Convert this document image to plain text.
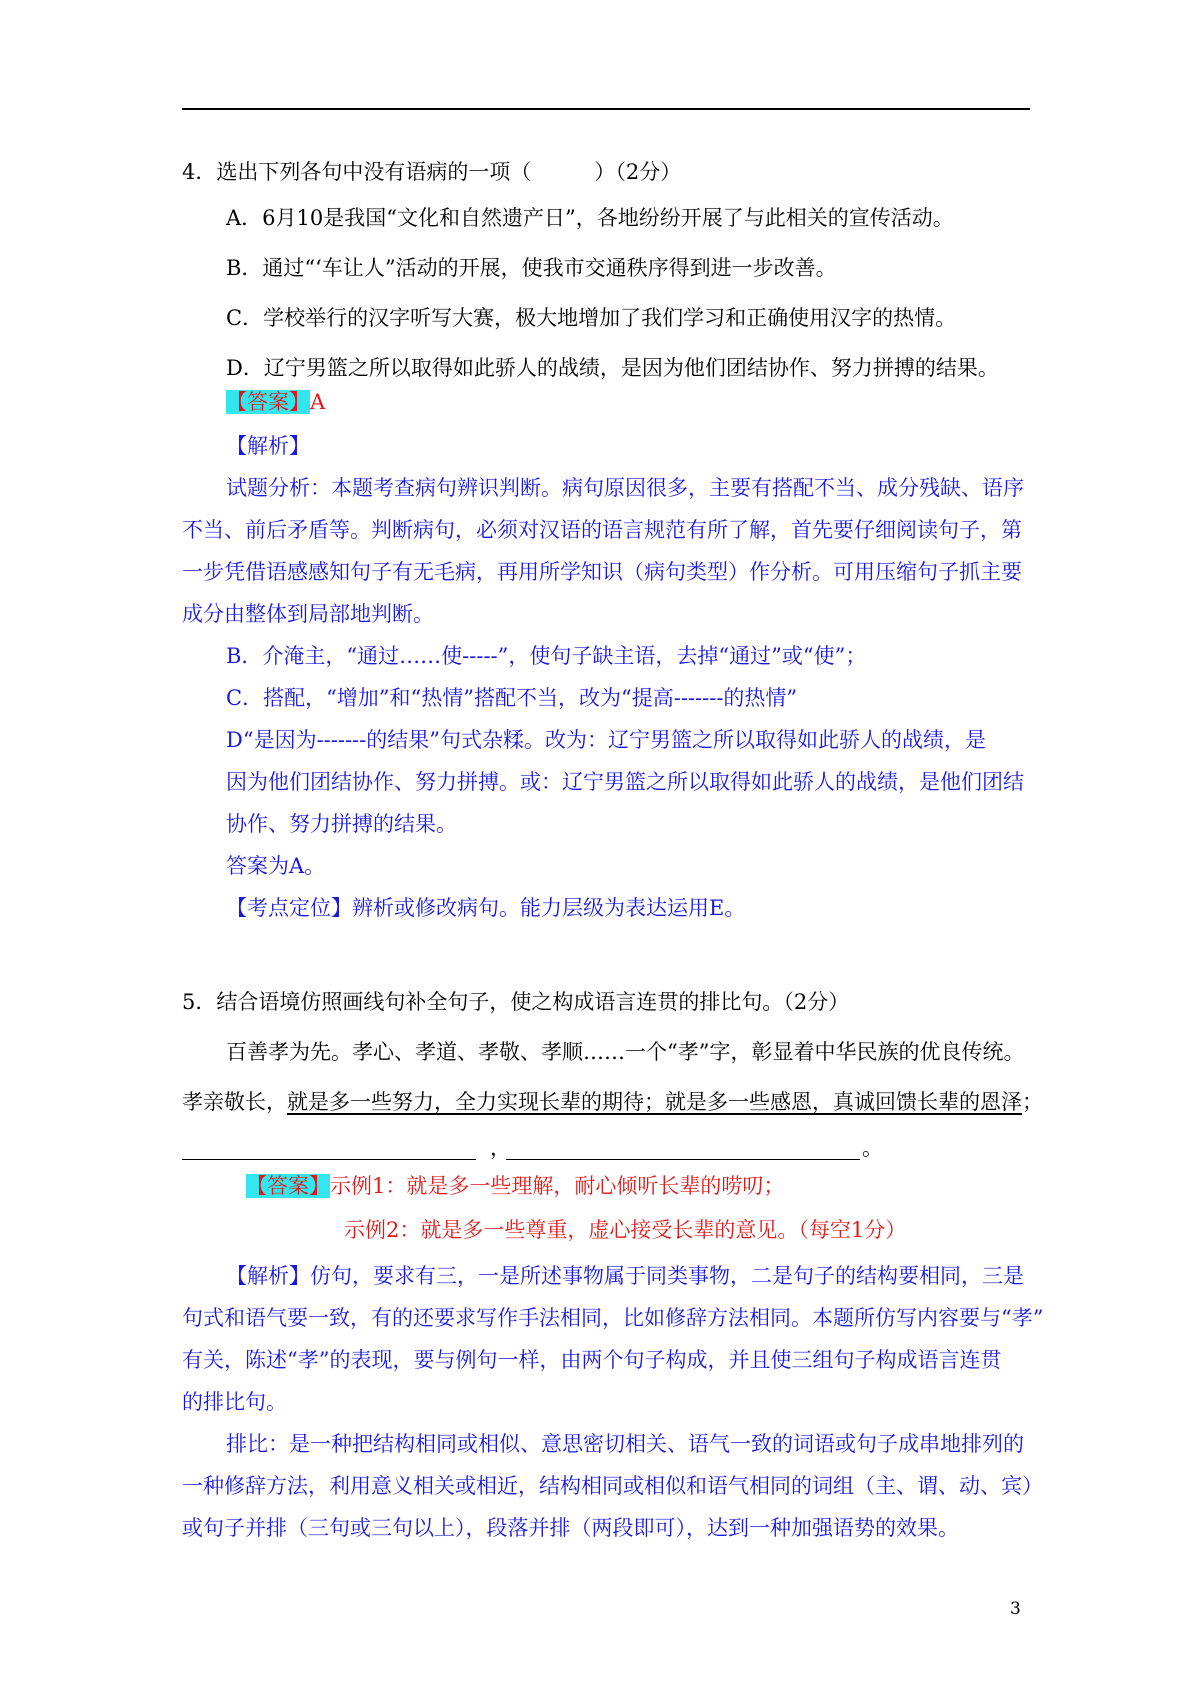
4．选出下列各句中没有语病的一项（　　　）（2分）
A．6月10是我国“文化和自然遗产日”，各地纷纷开展了与此相关的宣传活动。
B．通过“‘车让人”活动的开展，使我市交通秩序得到进一步改善。
C．学校举行的汉字听写大赛，极大地增加了我们学习和正确使用汉字的热情。
D．辽宁男篮之所以取得如此骄人的战绩，是因为他们团结协作、努力拼搏的结果。
【答案】A
【解析】
试题分析：本题考查病句辨识判断。病句原因很多，主要有搭配不当、成分残缺、语序
不当、前后矛盾等。判断病句，必须对汉语的语言规范有所了解，首先要仔细阅读句子，第
一步凭借语感感知句子有无毛病，再用所学知识（病句类型）作分析。可用压缩句子抓主要
成分由整体到局部地判断。
B．介淹主，“通过……使-----”，使句子缺主语，去掉“通过”或“使”；
C．搭配，“增加”和“热情”搭配不当，改为“提高-------的热情”
D“是因为-------的结果”句式杂糅。改为：辽宁男篮之所以取得如此骄人的战绩，是
因为他们团结协作、努力拼搏。或：辽宁男篮之所以取得如此骄人的战绩，是他们团结
协作、努力拼搏的结果。
答案为A。
【考点定位】辨析或修改病句。能力层级为表达运用E。
5．结合语境仿照画线句补全句子，使之构成语言连贯的排比句。（2分）
百善孝为先。孝心、孝道、孝敬、孝顺……一个“孝”字，彰显着中华民族的优良传统。
孝亲敬长，就是多一些努力，全力实现长辈的期待；就是多一些感恩，真诚回馈长辈的恩泽；
，	。
【答案】示例1：就是多一些理解，耐心倾听长辈的唠叨；
示例2：就是多一些尊重，虚心接受长辈的意见。（每空1分）
【解析】仿句，要求有三，一是所述事物属于同类事物，二是句子的结构要相同，三是
句式和语气要一致，有的还要求写作手法相同，比如修辞方法相同。本题所仿写内容要与“孝”
有关，陈述“孝”的表现，要与例句一样，由两个句子构成，并且使三组句子构成语言连贯
的排比句。
排比：是一种把结构相同或相似、意思密切相关、语气一致的词语或句子成串地排列的
一种修辞方法，利用意义相关或相近，结构相同或相似和语气相同的词组（主、谓、动、宾）
或句子并排（三句或三句以上），段落并排（两段即可），达到一种加强语势的效果。
3
